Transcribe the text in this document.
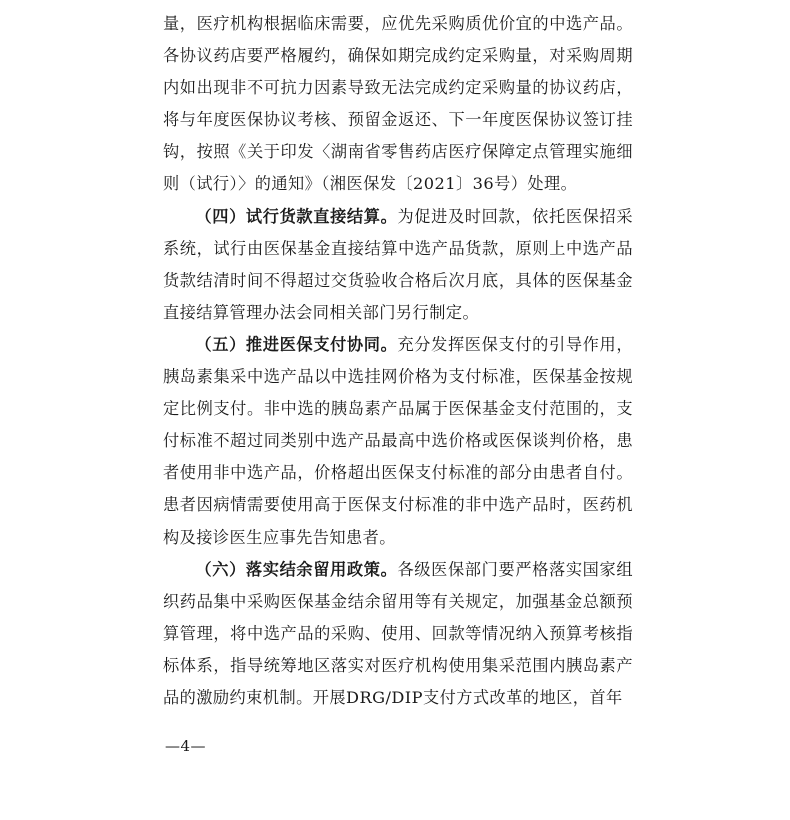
量，医疗机构根据临床需要，应优先采购质优价宜的中选产品。各协议药店要严格履约，确保如期完成约定采购量，对采购周期内如出现非不可抗力因素导致无法完成约定采购量的协议药店，将与年度医保协议考核、预留金返还、下一年度医保协议签订挂钩，按照《关于印发〈湖南省零售药店医疗保障定点管理实施细则（试行）〉的通知》（湘医保发〔2021〕36号）处理。

（四）试行货款直接结算。为促进及时回款，依托医保招采系统，试行由医保基金直接结算中选产品货款，原则上中选产品货款结清时间不得超过交货验收合格后次月底，具体的医保基金直接结算管理办法会同相关部门另行制定。

（五）推进医保支付协同。充分发挥医保支付的引导作用，胰岛素集采中选产品以中选挂网价格为支付标准，医保基金按规定比例支付。非中选的胰岛素产品属于医保基金支付范围的，支付标准不超过同类别中选产品最高中选价格或医保谈判价格，患者使用非中选产品，价格超出医保支付标准的部分由患者自付。患者因病情需要使用高于医保支付标准的非中选产品时，医药机构及接诊医生应事先告知患者。

（六）落实结余留用政策。各级医保部门要严格落实国家组织药品集中采购医保基金结余留用等有关规定，加强基金总额预算管理，将中选产品的采购、使用、回款等情况纳入预算考核指标体系，指导统筹地区落实对医疗机构使用集采范围内胰岛素产品的激励约束机制。开展DRG/DIP支付方式改革的地区，首年

—4—
